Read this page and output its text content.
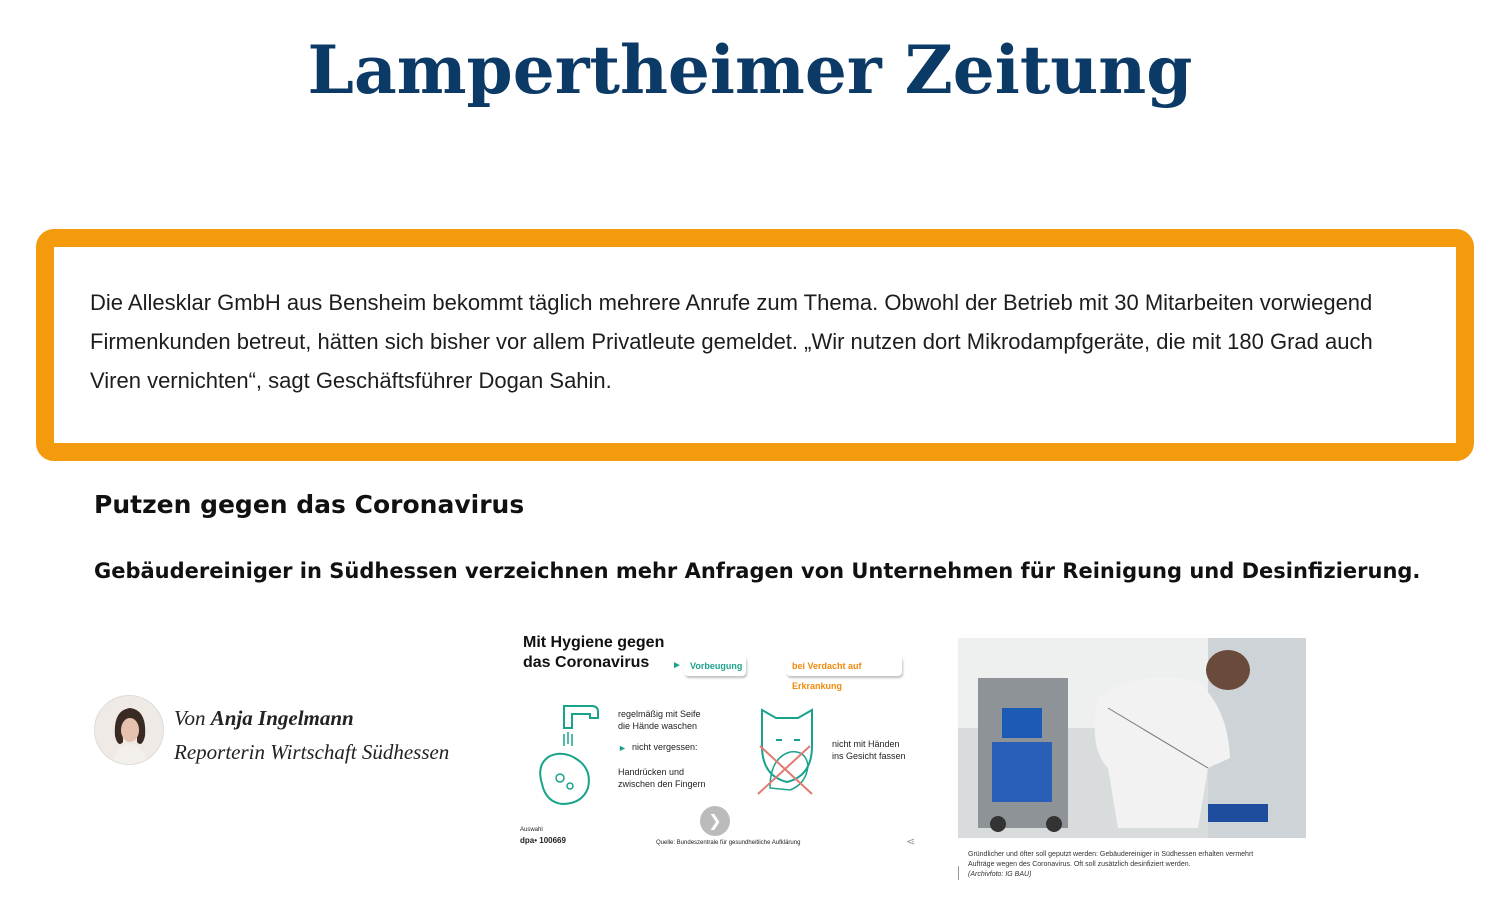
Lampertheimer Zeitung

Die Allesklar GmbH aus Bensheim bekommt täglich mehrere Anrufe zum Thema. Obwohl der Betrieb mit 30 Mitarbeiten vorwiegend Firmenkunden betreut, hätten sich bisher vor allem Privatleute gemeldet. „Wir nutzen dort Mikrodampfgeräte, die mit 180 Grad auch Viren vernichten“, sagt Geschäftsführer Dogan Sahin.

Putzen gegen das Coronavirus
Gebäudereiniger in Südhessen verzeichnen mehr Anfragen von Unternehmen für Reinigung und Desinfizierung.
Von Anja Ingelmann
Reporterin Wirtschaft Südhessen
Mit Hygiene gegen das Coronavirus	► Vorbeugung	bei Verdacht auf Erkrankung
regelmäßig mit Seife die Hände waschen
► nicht vergessen:
Handrücken und zwischen den Fingern
nicht mit Händen ins Gesicht fassen
❯
Auswahl
dpa• 100669	Quelle: Bundeszentrale für gesundheitliche Aufklärung	⋖
Gründlicher und öfter soll geputzt werden: Gebäudereiniger in Südhessen erhalten vermehrt Aufträge wegen des Coronavirus. Oft soll zusätzlich desinfiziert werden.
(Archivfoto: IG BAU)
